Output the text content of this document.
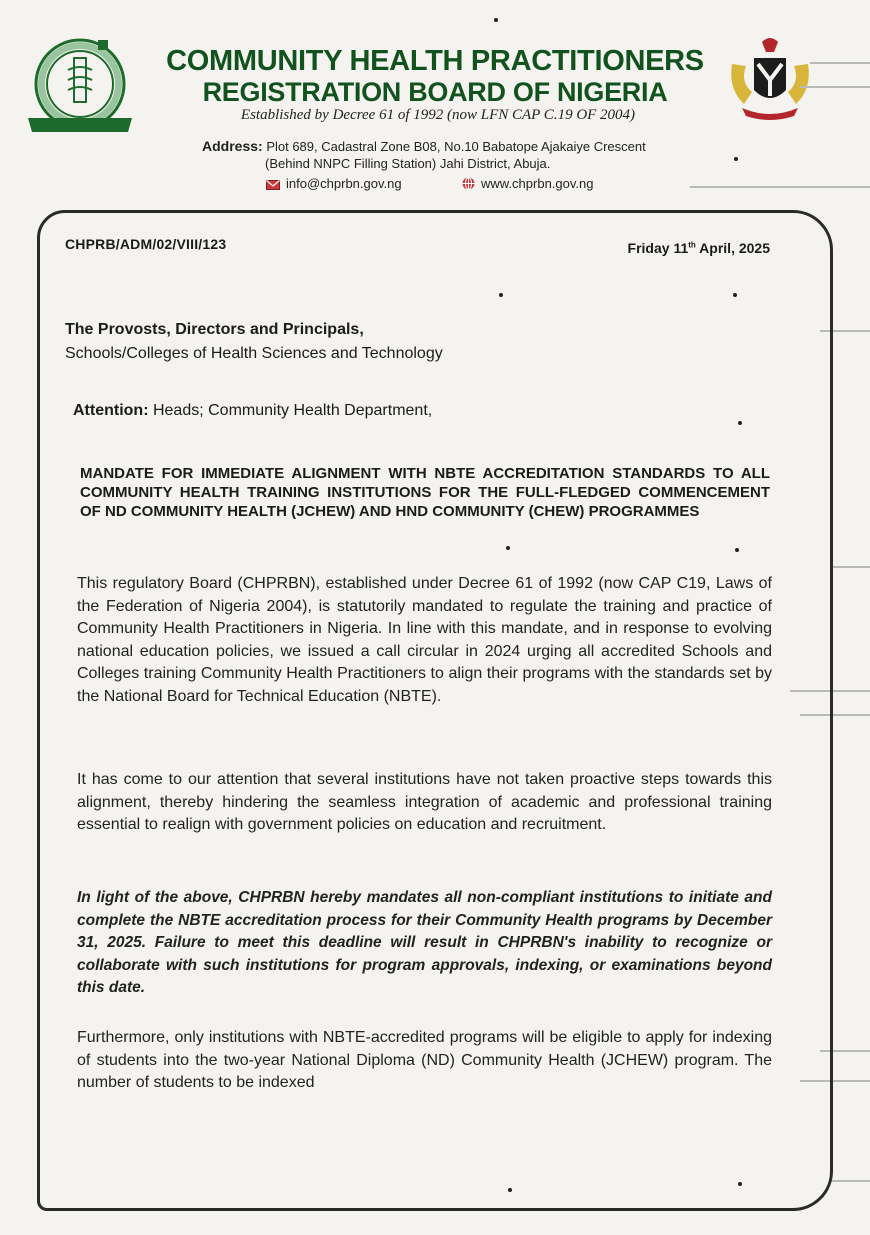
COMMUNITY HEALTH PRACTITIONERS
REGISTRATION BOARD OF NIGERIA
Established by Decree 61 of 1992 (now LFN CAP C.19 OF 2004)
Address: Plot 689, Cadastral Zone B08, No.10 Babatope Ajakaiye Crescent
(Behind NNPC Filling Station) Jahi District, Abuja.
info@chprbn.gov.ng	www.chprbn.gov.ng
CHPRB/ADM/02/VIII/123	Friday 11th April, 2025
The Provosts, Directors and Principals,
Schools/Colleges of Health Sciences and Technology
Attention: Heads; Community Health Department,
MANDATE FOR IMMEDIATE ALIGNMENT WITH NBTE ACCREDITATION STANDARDS TO ALL COMMUNITY HEALTH TRAINING INSTITUTIONS FOR THE FULL-FLEDGED COMMENCEMENT OF ND COMMUNITY HEALTH (JCHEW) AND HND COMMUNITY (CHEW) PROGRAMMES
This regulatory Board (CHPRBN), established under Decree 61 of 1992 (now CAP C19, Laws of the Federation of Nigeria 2004), is statutorily mandated to regulate the training and practice of Community Health Practitioners in Nigeria. In line with this mandate, and in response to evolving national education policies, we issued a call circular in 2024 urging all accredited Schools and Colleges training Community Health Practitioners to align their programs with the standards set by the National Board for Technical Education (NBTE).
It has come to our attention that several institutions have not taken proactive steps towards this alignment, thereby hindering the seamless integration of academic and professional training essential to realign with government policies on education and recruitment.
In light of the above, CHPRBN hereby mandates all non-compliant institutions to initiate and complete the NBTE accreditation process for their Community Health programs by December 31, 2025. Failure to meet this deadline will result in CHPRBN's inability to recognize or collaborate with such institutions for program approvals, indexing, or examinations beyond this date.
Furthermore, only institutions with NBTE-accredited programs will be eligible to apply for indexing of students into the two-year National Diploma (ND) Community Health (JCHEW) program. The number of students to be indexed
